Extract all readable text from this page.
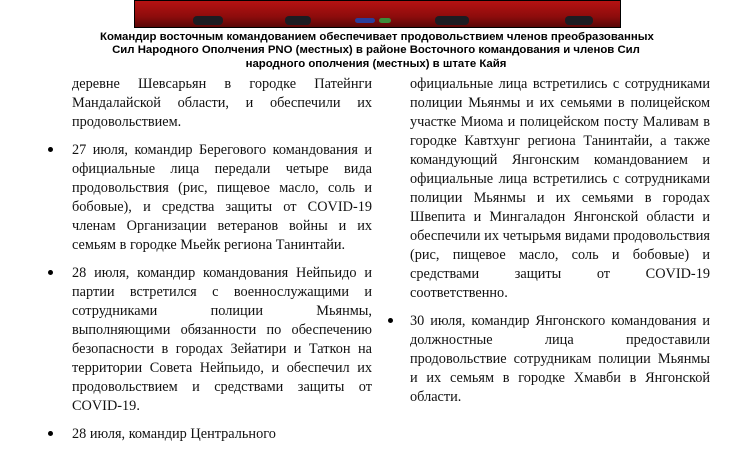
Командир восточным командованием обеспечивает продовольствием членов преобразованных
Сил Народного Ополчения PNO (местных) в районе Восточного командования и членов Сил
народного ополчения (местных) в штате Кайя

деревне Шевсарьян в городке Патейнги Мандалайской области, и обеспечили их продовольствием.

27 июля, командир Берегового командования и официальные лица передали четыре вида продовольствия (рис, пищевое масло, соль и бобовые), и средства защиты от COVID-19 членам Организации ветеранов войны и их семьям в городке Мьейк региона Танинтайи.
28 июля, командир командования Нейпьидо и партии встретился с военнослужащими и сотрудниками полиции Мьянмы, выполняющими обязанности по обеспечению безопасности в городах Зейатири и Таткон на территории Совета Нейпьидо, и обеспечил их продовольствием и средствами защиты от COVID-19.
28 июля, командир Центрального

официальные лица встретились с сотрудниками полиции Мьянмы и их семьями в полицейском участке Миома и полицейском посту Маливам в городке Кавтхунг региона Танинтайи, а также командующий Янгонским командованием и официальные лица встретились с сотрудниками полиции Мьянмы и их семьями в городах Швепита и Мингаладон Янгонской области и обеспечили их четырьмя видами продовольствия (рис, пищевое масло, соль и бобовые) и средствами защиты от COVID-19 соответственно.

30 июля, командир Янгонского командования и должностные лица предоставили продовольствие сотрудникам полиции Мьянмы и их семьям в городке Хмавби в Янгонской области.
